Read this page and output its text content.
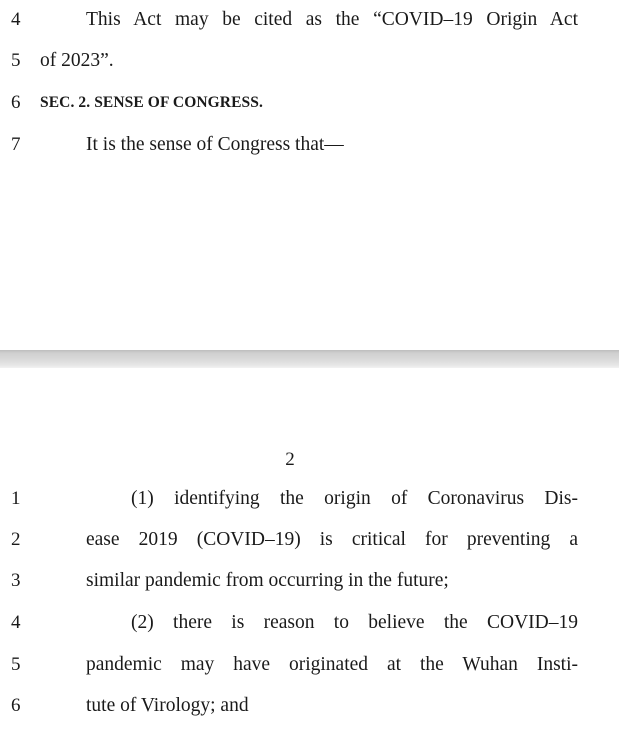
4	This Act may be cited as the “COVID–19 Origin Act
5 of 2023”.
6 SEC. 2. SENSE OF CONGRESS.
7	It is the sense of Congress that—
2
1	(1) identifying the origin of Coronavirus Dis-
2	ease 2019 (COVID–19) is critical for preventing a
3	similar pandemic from occurring in the future;
4	(2) there is reason to believe the COVID–19
5	pandemic may have originated at the Wuhan Insti-
6	tute of Virology; and
